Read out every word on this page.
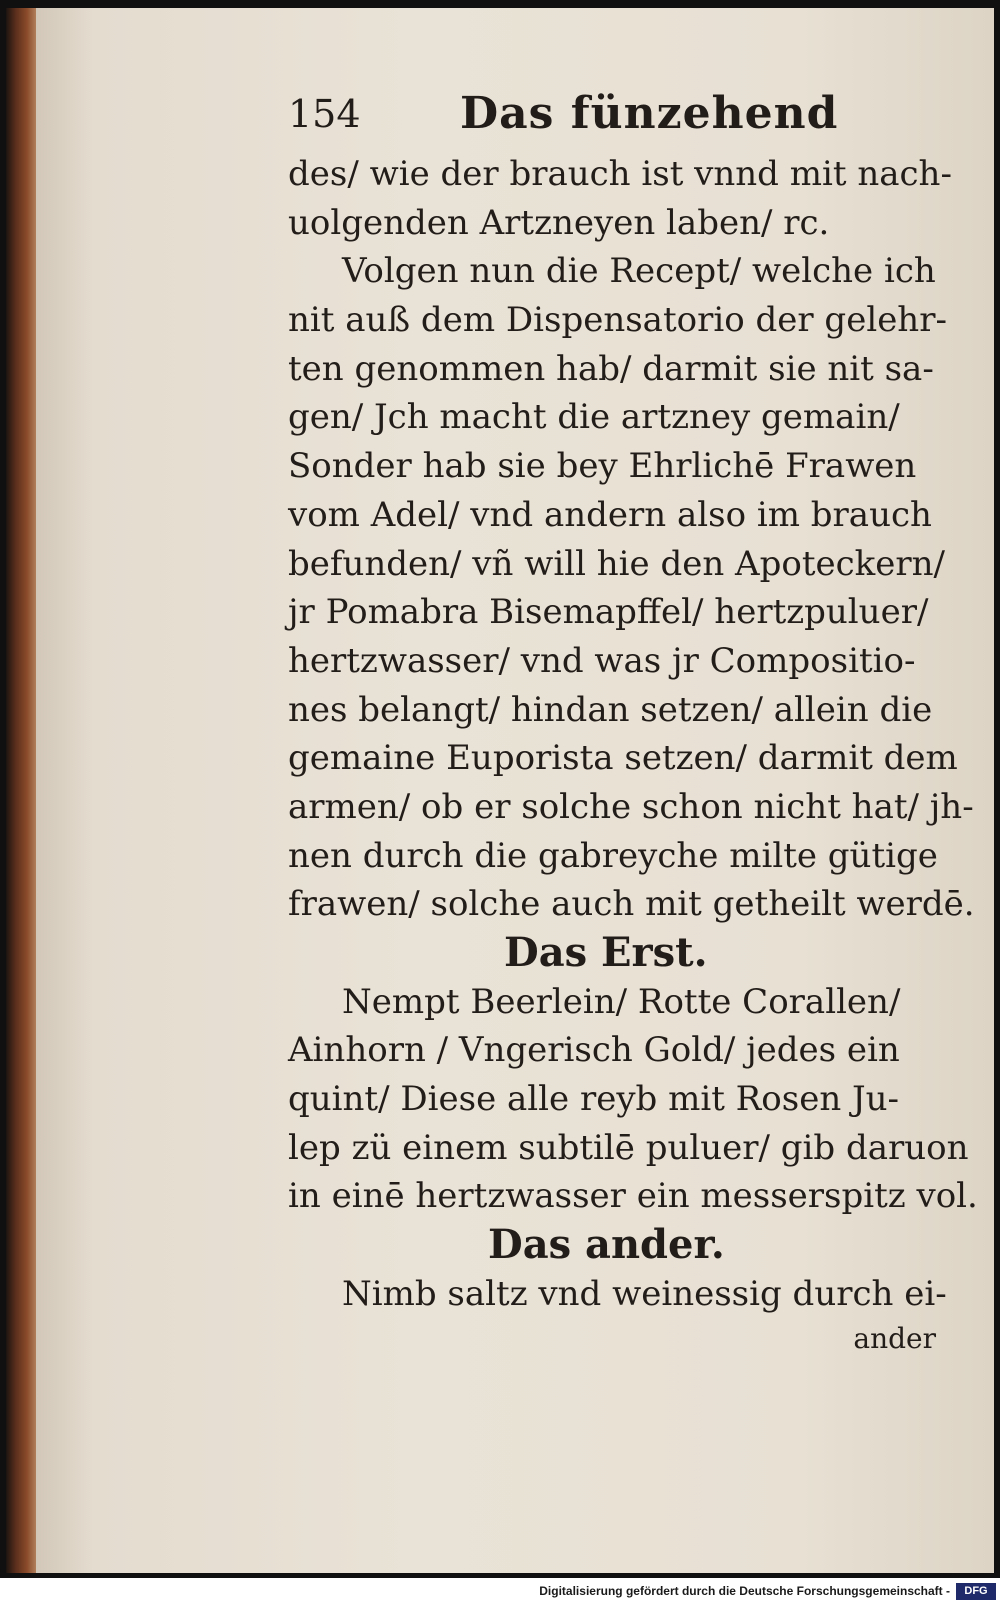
154 Das fünzehend
des/ wie der brauch ist vnnd mit nach-
uolgenden Artzneyen laben/ rc.
Volgen nun die Recept/ welche ich
nit auß dem Dispensatorio der gelehr-
ten genommen hab/ darmit sie nit sa-
gen/ Jch macht die artzney gemain/
Sonder hab sie bey Ehrlichē Frawen
vom Adel/ vnd andern also im brauch
befunden/ vñ will hie den Apoteckern/
jr Pomabra Bisemapffel/ hertzpuluer/
hertzwasser/ vnd was jr Compositio-
nes belangt/ hindan setzen/ allein die
gemaine Euporista setzen/ darmit dem
armen/ ob er solche schon nicht hat/ jh-
nen durch die gabreyche milte gütige
frawen/ solche auch mit getheilt werdē.
Das Erst.
Nempt Beerlein/ Rotte Corallen/
Ainhorn / Vngerisch Gold/ jedes ein
quint/ Diese alle reyb mit Rosen Ju-
lep zü einem subtilē puluer/ gib daruon
in einē hertzwasser ein messerspitz vol.
Das ander.
Nimb saltz vnd weinessig durch ei-
ander
Digitalisierung gefördert durch die Deutsche Forschungsgemeinschaft -	DFG
